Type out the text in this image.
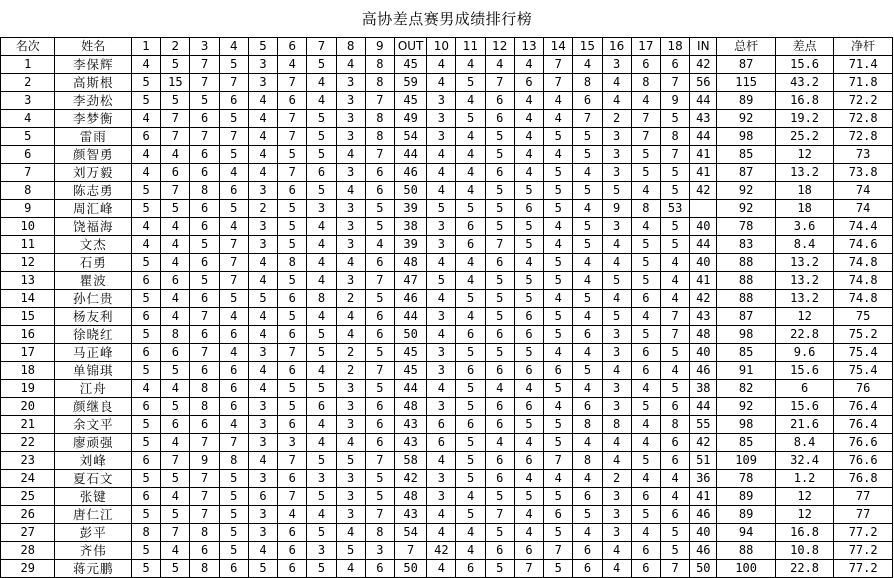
高协差点赛男成绩排行榜
名次	姓名	1	2	3	4	5	6	7	8	9	OUT	10	11	12	13	14	15	16	17	18	IN	总杆	差点	净杆
1	李保辉	4	5	7	5	3	4	5	4	8	45	4	4	4	4	7	4	3	6	6	42	87	15.6	71.4
2	高斯根	5	15	7	7	3	7	4	3	8	59	4	5	7	6	7	8	4	8	7	56	115	43.2	71.8
3	李劲松	5	5	5	6	4	6	4	3	7	45	3	4	6	4	4	6	4	4	9	44	89	16.8	72.2
4	李梦衡	4	7	6	5	4	7	5	3	8	49	3	5	6	4	4	7	2	7	5	43	92	19.2	72.8
5	雷雨	6	7	7	7	4	7	5	3	8	54	3	4	5	4	5	5	3	7	8	44	98	25.2	72.8
6	颜智勇	4	4	6	5	4	5	5	4	7	44	4	4	5	4	4	5	3	5	7	41	85	12	73
7	刘万毅	4	6	6	4	4	7	6	3	6	46	4	4	6	4	5	4	3	5	5	41	87	13.2	73.8
8	陈志勇	5	7	8	6	3	6	5	4	6	50	4	4	5	5	5	5	5	4	5	42	92	18	74
9	周汇峰	5	5	6	5	2	5	3	3	5	39	5	5	5	6	5	4	9	8	53		92	18	74
10	饶福海	4	4	6	4	3	5	4	3	5	38	3	6	5	5	4	5	3	4	5	40	78	3.6	74.4
11	文杰	4	4	5	7	3	5	4	3	4	39	3	6	7	5	4	5	4	5	5	44	83	8.4	74.6
12	石勇	5	4	6	7	4	8	4	4	6	48	4	4	6	4	5	4	4	5	4	40	88	13.2	74.8
13	瞿波	6	6	5	7	4	5	4	3	7	47	5	4	5	5	5	4	5	5	4	41	88	13.2	74.8
14	孙仁贵	5	4	6	5	5	6	8	2	5	46	4	5	5	5	4	5	4	6	4	42	88	13.2	74.8
15	杨友利	6	4	7	4	4	5	4	4	6	44	3	4	5	6	5	4	5	4	7	43	87	12	75
16	徐晓红	5	8	6	6	4	6	5	4	6	50	4	6	6	6	5	6	3	5	7	48	98	22.8	75.2
17	马正峰	6	6	7	4	3	7	5	2	5	45	3	5	5	5	4	4	3	6	5	40	85	9.6	75.4
18	单锦琪	5	5	6	6	4	6	4	2	7	45	3	6	6	6	6	5	4	6	4	46	91	15.6	75.4
19	江舟	4	4	8	6	4	5	5	3	5	44	4	5	4	4	5	4	3	4	5	38	82	6	76
20	颜继良	6	5	8	6	3	5	6	3	6	48	3	5	6	6	4	6	3	5	6	44	92	15.6	76.4
21	余文平	5	6	6	4	3	6	4	3	6	43	6	6	6	5	5	8	8	4	8	55	98	21.6	76.4
22	廖顽强	5	4	7	7	3	3	4	4	6	43	6	5	4	4	5	4	4	4	6	42	85	8.4	76.6
23	刘峰	6	7	9	8	4	7	5	5	7	58	4	5	6	6	7	8	4	5	6	51	109	32.4	76.6
24	夏石文	5	5	7	5	3	6	3	3	5	42	3	5	6	4	4	4	2	4	4	36	78	1.2	76.8
25	张键	6	4	7	5	6	7	5	3	5	48	3	4	5	5	5	6	3	6	4	41	89	12	77
26	唐仁江	5	5	7	5	3	4	4	3	7	43	4	5	7	4	6	5	3	5	6	46	89	12	77
27	彭平	8	7	8	5	3	6	5	4	8	54	4	4	5	4	5	4	3	4	5	40	94	16.8	77.2
28	齐伟	5	4	6	5	4	6	3	5	3	7	42	4	6	6	7	6	4	6	5	46	88	10.8	77.2
29	蒋元鹏	5	5	8	6	5	6	5	4	6	50	4	6	5	7	5	6	4	6	7	50	100	22.8	77.2
